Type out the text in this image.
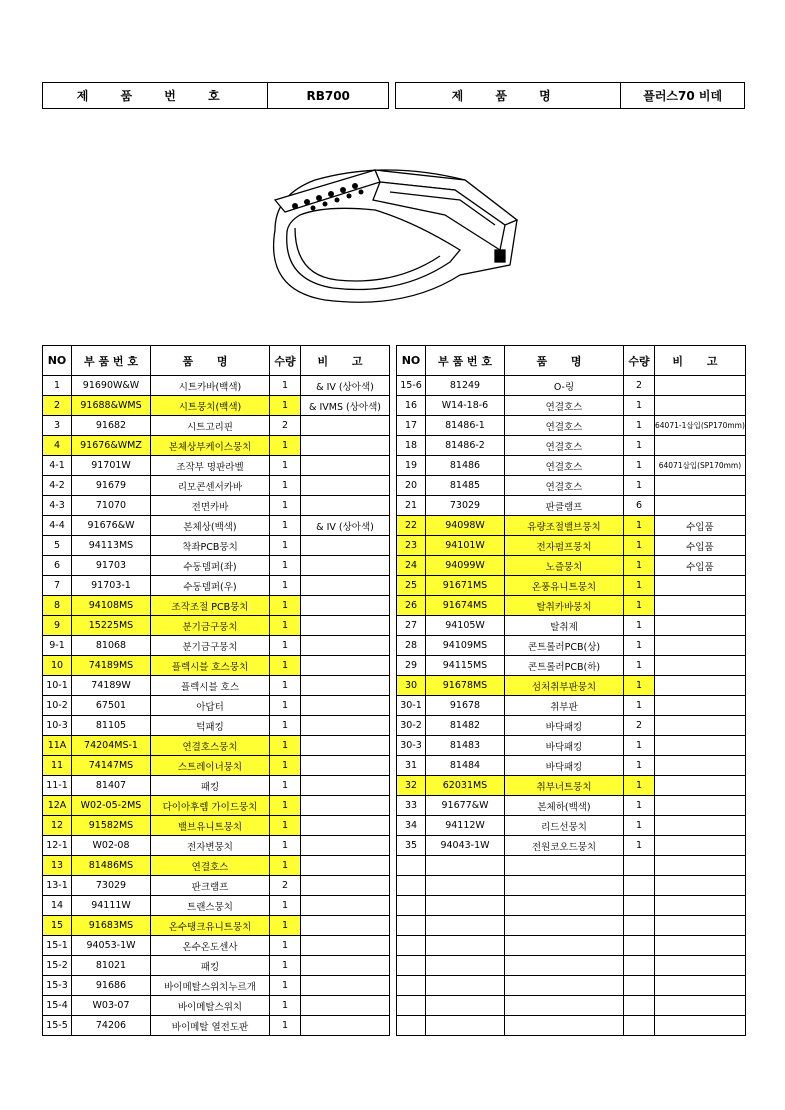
제 품 번 호	RB700	제 품 명	플러스70 비데
NO	부 품 번 호	품 명	수량	비 고
1	91690W&W	시트카바(백색)	1	& IV (상아색)
2	91688&WMS	시트뭉치(백색)	1	& IVMS (상아색)
3	91682	시트고리핀	2	
4	91676&WMZ	본체상부케이스뭉치	1	
4-1	91701W	조작부 명판라벨	1	
4-2	91679	리모콘센서카바	1	
4-3	71070	전면카바	1	
4-4	91676&W	본체상(백색)	1	& IV (상아색)
5	94113MS	착좌PCB뭉치	1	
6	91703	수동뎀퍼(좌)	1	
7	91703-1	수동뎀퍼(우)	1	
8	94108MS	조작조절 PCB뭉치	1	
9	15225MS	분기금구뭉치	1	
9-1	81068	분기금구뭉치	1	
10	74189MS	플렉시블 호스뭉치	1	
10-1	74189W	플렉시블 호스	1	
10-2	67501	아답터	1	
10-3	81105	턱패킹	1	
11A	74204MS-1	연결호스뭉치	1	
11	74147MS	스트레이너뭉치	1	
11-1	81407	패킹	1	
12A	W02-05-2MS	다이아후렘 가이드뭉치	1	
12	91582MS	밸브유니트뭉치	1	
12-1	W02-08	전자변뭉치	1	
13	81486MS	연결호스	1	
13-1	73029	판크램프	2	
14	94111W	트랜스뭉치	1	
15	91683MS	온수탱크유니트뭉치	1	
15-1	94053-1W	온수온도센사	1	
15-2	81021	패킹	1	
15-3	91686	바이메탈스위치누르개	1	
15-4	W03-07	바이메탈스위치	1	
15-5	74206	바이메탈 열전도판	1	
NO	부 품 번 호	품 명	수량	비 고
15-6	81249	O-링	2	
16	W14-18-6	연결호스	1	
17	81486-1	연결호스	1	64071-1삽입(SP170mm)
18	81486-2	연결호스	1	
19	81486	연결호스	1	64071삽입(SP170mm)
20	81485	연결호스	1	
21	73029	판클램프	6	
22	94098W	유량조절밸브뭉치	1	수입품
23	94101W	전자펌프뭉치	1	수입품
24	94099W	노즐뭉치	1	수입품
25	91671MS	온풍유니트뭉치	1	
26	91674MS	탈취카바뭉치	1	
27	94105W	탈취제	1	
28	94109MS	콘트롤러PCB(상)	1	
29	94115MS	콘트롤러PCB(하)	1	
30	91678MS	섬처취부판뭉치	1	
30-1	91678	취부판	1	
30-2	81482	바닥패킹	2	
30-3	81483	바닥패킹	1	
31	81484	바닥패킹	1	
32	62031MS	취부너트뭉치	1	
33	91677&W	본체하(백색)	1	
34	94112W	리드선뭉치	1	
35	94043-1W	전원코오드뭉치	1	
